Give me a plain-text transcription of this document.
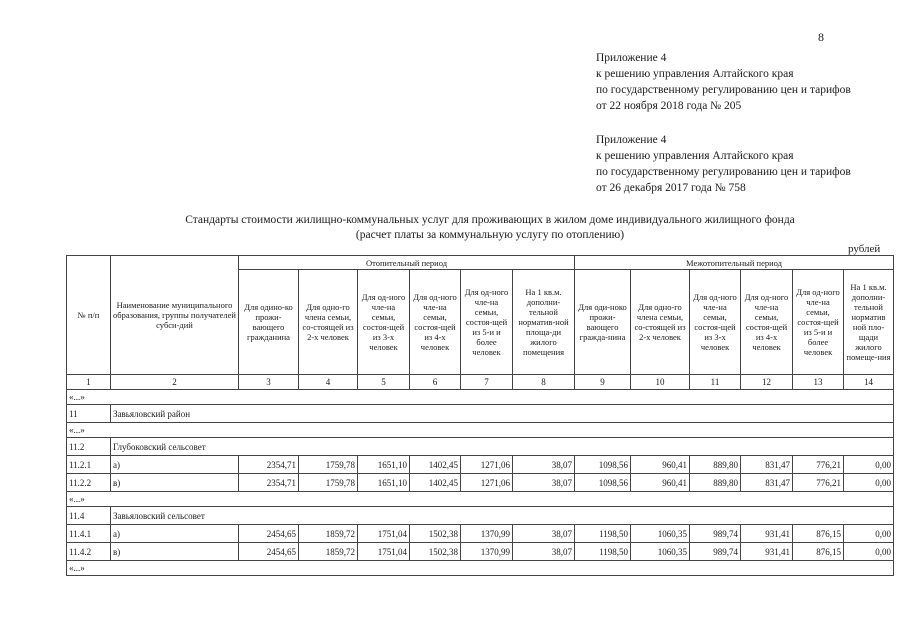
8
Приложение 4
к решению управления Алтайского края
по государственному регулированию цен и тарифов
от 22 ноября 2018 года № 205
Приложение 4
к решению управления Алтайского края
по государственному регулированию цен и тарифов
от 26 декабря 2017 года № 758
Стандарты стоимости жилищно-коммунальных услуг для проживающих в жилом доме индивидуального жилищного фонда
(расчет платы за коммунальную услугу по отоплению)
рублей
№ п/п	Наименование муниципального образования, группы получателей субси-дий	Отопительный период						Межотопительный период					
		Для одино-ко прожи-вающего гражданина	Для одно-го члена семьи, со-стоящей из 2-х человек	Для од-ного чле-на семьи, состоя-щей из 3-х человек	Для од-ного чле-на семьи, состоя-щей из 4-х человек	Для од-ного чле-на семьи, состоя-щей из 5-и и более человек	На 1 кв.м. дополни-тельной норматив-ной площа-ди жилого помещения	Для оди-ноко прожи-вающего гражда-нина	Для одно-го члена семьи, со-стоящей из 2-х человек	Для од-ного чле-на семьи, состоя-щей из 3-х человек	Для од-ного чле-на семьи, состоя-щей из 4-х человек	Для од-ного чле-на семьи, состоя-щей из 5-и и более человек	На 1 кв.м. дополни-тельной норматив ной пло-щади жилого помеще-ния
1	2	3	4	5	6	7	8	9	10	11	12	13	14
«...»													
11	Завьяловский район												
«...»													
11.2	Глубоковский сельсовет												
11.2.1	а)	2354,71	1759,78	1651,10	1402,45	1271,06	38,07	1098,56	960,41	889,80	831,47	776,21	0,00
11.2.2	в)	2354,71	1759,78	1651,10	1402,45	1271,06	38,07	1098,56	960,41	889,80	831,47	776,21	0,00
«...»													
11.4	Завьяловский сельсовет												
11.4.1	а)	2454,65	1859,72	1751,04	1502,38	1370,99	38,07	1198,50	1060,35	989,74	931,41	876,15	0,00
11.4.2	в)	2454,65	1859,72	1751,04	1502,38	1370,99	38,07	1198,50	1060,35	989,74	931,41	876,15	0,00
«...»													
